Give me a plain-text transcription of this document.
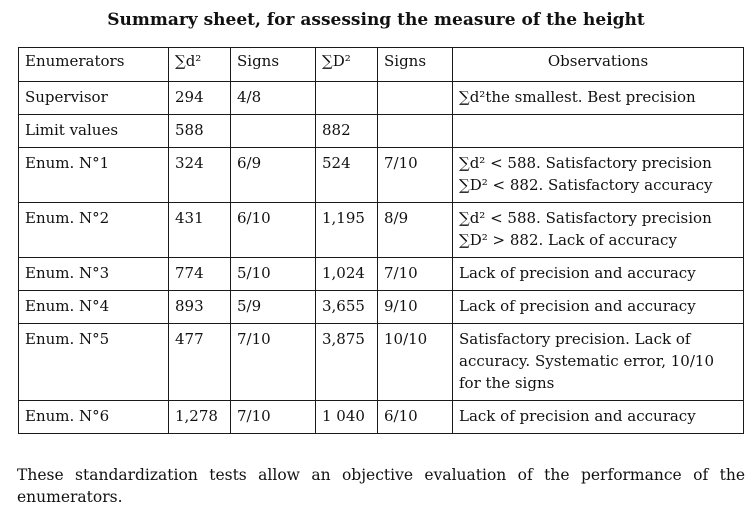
Summary sheet, for assessing the measure of the height
Enumerators	∑d²	Signs	∑D²	Signs	Observations
Supervisor	294	4/8			∑d²the smallest. Best precision

Limit values	588		882		

Enum. N°1	324	6/9	524	7/10	∑d² < 588. Satisfactory precision
∑D² < 882. Satisfactory accuracy

Enum. N°2	431	6/10	1,195	8/9	∑d² < 588. Satisfactory precision
∑D² > 882. Lack of accuracy

Enum. N°3	774	5/10	1,024	7/10	Lack of precision and accuracy

Enum. N°4	893	5/9	3,655	9/10	Lack of precision and accuracy

Enum. N°5	477	7/10	3,875	10/10	Satisfactory precision. Lack of
accuracy. Systematic error, 10/10
for the signs

Enum. N°6	1,278	7/10	1 040	6/10	Lack of precision and accuracy
These standardization tests allow an objective evaluation of the performance of the enumerators.
